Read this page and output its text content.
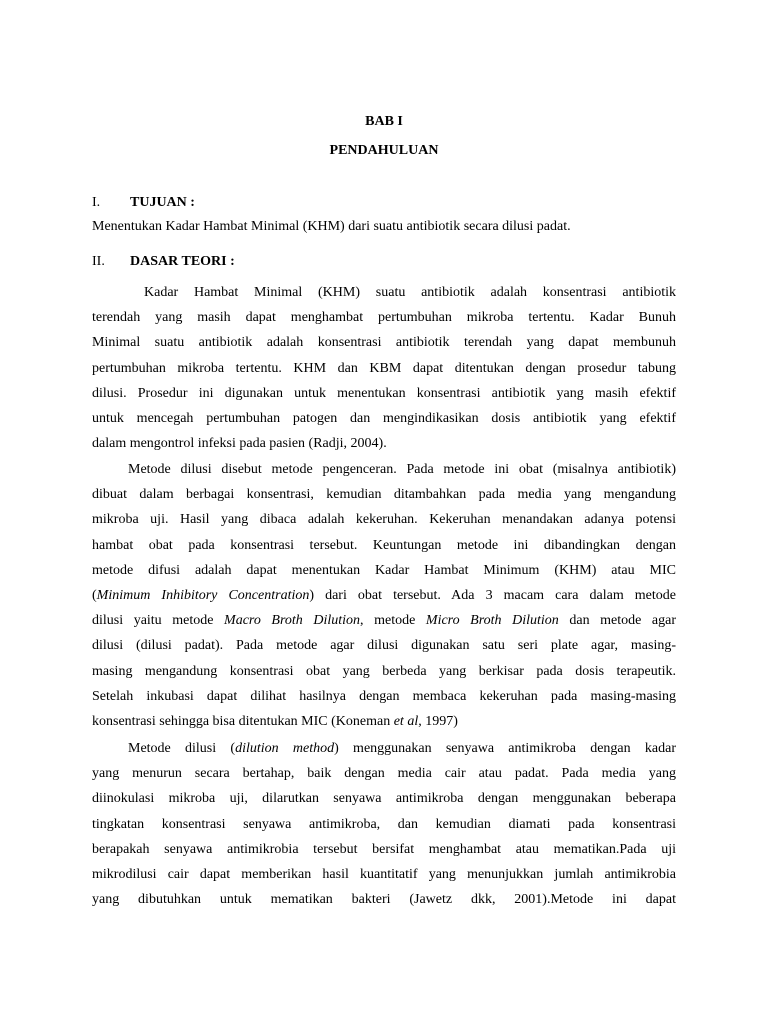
BAB I
PENDAHULUAN
I.	TUJUAN :
Menentukan Kadar Hambat Minimal (KHM) dari suatu antibiotik secara dilusi padat.
II.	DASAR TEORI :
Kadar Hambat Minimal (KHM) suatu antibiotik adalah konsentrasi antibiotik
terendah yang masih dapat menghambat pertumbuhan mikroba tertentu. Kadar Bunuh
Minimal suatu antibiotik adalah konsentrasi antibiotik terendah yang dapat membunuh
pertumbuhan mikroba tertentu. KHM dan KBM dapat ditentukan dengan prosedur tabung
dilusi. Prosedur ini digunakan untuk menentukan konsentrasi antibiotik yang masih efektif
untuk mencegah pertumbuhan patogen dan mengindikasikan dosis antibiotik yang efektif
dalam mengontrol infeksi pada pasien (Radji, 2004).
Metode dilusi disebut metode pengenceran. Pada metode ini obat (misalnya antibiotik)
dibuat dalam berbagai konsentrasi, kemudian ditambahkan pada media yang mengandung
mikroba uji. Hasil yang dibaca adalah kekeruhan. Kekeruhan menandakan adanya potensi
hambat obat pada konsentrasi tersebut. Keuntungan metode ini dibandingkan dengan
metode difusi adalah dapat menentukan Kadar Hambat Minimum (KHM) atau MIC
(Minimum Inhibitory Concentration) dari obat tersebut. Ada 3 macam cara dalam metode
dilusi yaitu metode Macro Broth Dilution, metode Micro Broth Dilution dan metode agar
dilusi (dilusi padat). Pada metode agar dilusi digunakan satu seri plate agar, masing-
masing mengandung konsentrasi obat yang berbeda yang berkisar pada dosis terapeutik.
Setelah inkubasi dapat dilihat hasilnya dengan membaca kekeruhan pada masing-masing
konsentrasi sehingga bisa ditentukan MIC (Koneman et al, 1997)
Metode dilusi (dilution method) menggunakan senyawa antimikroba dengan kadar
yang menurun secara bertahap, baik dengan media cair atau padat. Pada media yang
diinokulasi mikroba uji, dilarutkan senyawa antimikroba dengan menggunakan beberapa
tingkatan konsentrasi senyawa antimikroba, dan kemudian diamati pada konsentrasi
berapakah senyawa antimikrobia tersebut bersifat menghambat atau mematikan.Pada uji
mikrodilusi cair dapat memberikan hasil kuantitatif yang menunjukkan jumlah antimikrobia
yang dibutuhkan untuk mematikan bakteri (Jawetz dkk, 2001).Metode ini dapat
